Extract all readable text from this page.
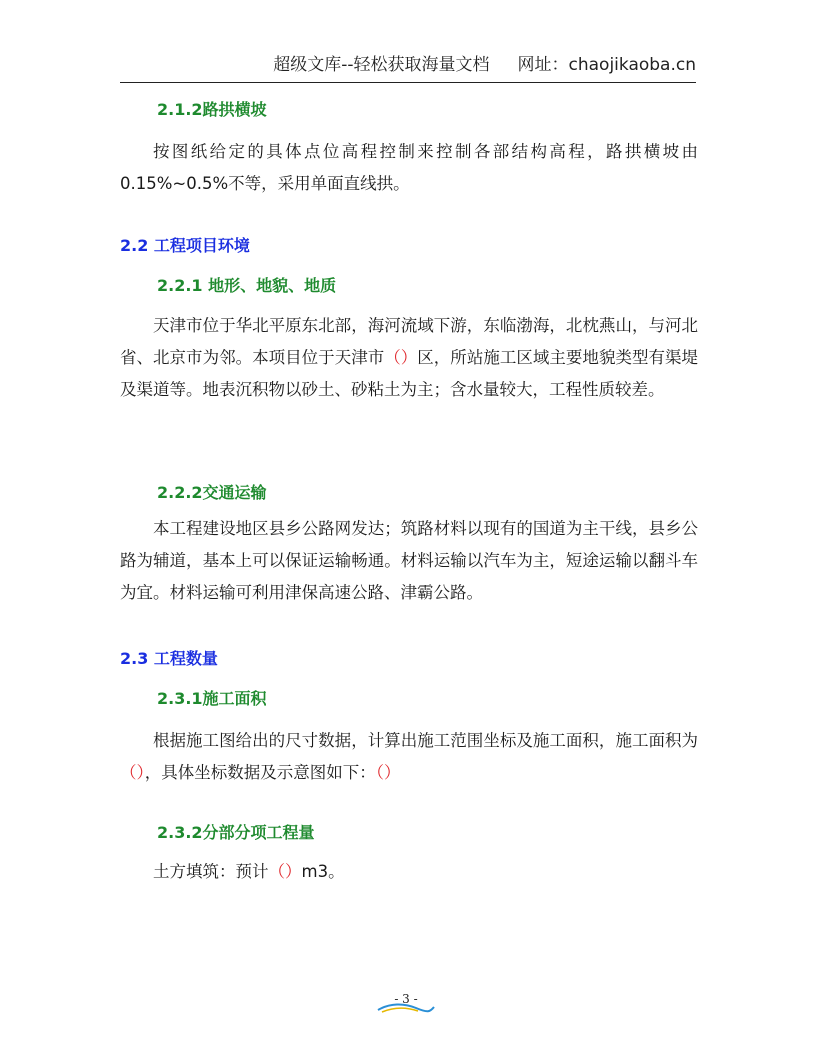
超级文库--轻松获取海量文档 网址：chaojikaoba.cn
2.1.2路拱横坡
按图纸给定的具体点位高程控制来控制各部结构高程，路拱横坡由0.15%~0.5%不等，采用单面直线拱。
2.2 工程项目环境
2.2.1 地形、地貌、地质
天津市位于华北平原东北部，海河流域下游，东临渤海，北枕燕山，与河北省、北京市为邻。本项目位于天津市（）区，所站施工区域主要地貌类型有渠堤及渠道等。地表沉积物以砂土、砂粘土为主；含水量较大，工程性质较差。
2.2.2交通运输
本工程建设地区县乡公路网发达；筑路材料以现有的国道为主干线，县乡公路为辅道，基本上可以保证运输畅通。材料运输以汽车为主，短途运输以翻斗车为宜。材料运输可利用津保高速公路、津霸公路。
2.3 工程数量
2.3.1施工面积
根据施工图给出的尺寸数据，计算出施工范围坐标及施工面积，施工面积为（），具体坐标数据及示意图如下：（）
2.3.2分部分项工程量
土方填筑：预计（）m3。
- 3 -
